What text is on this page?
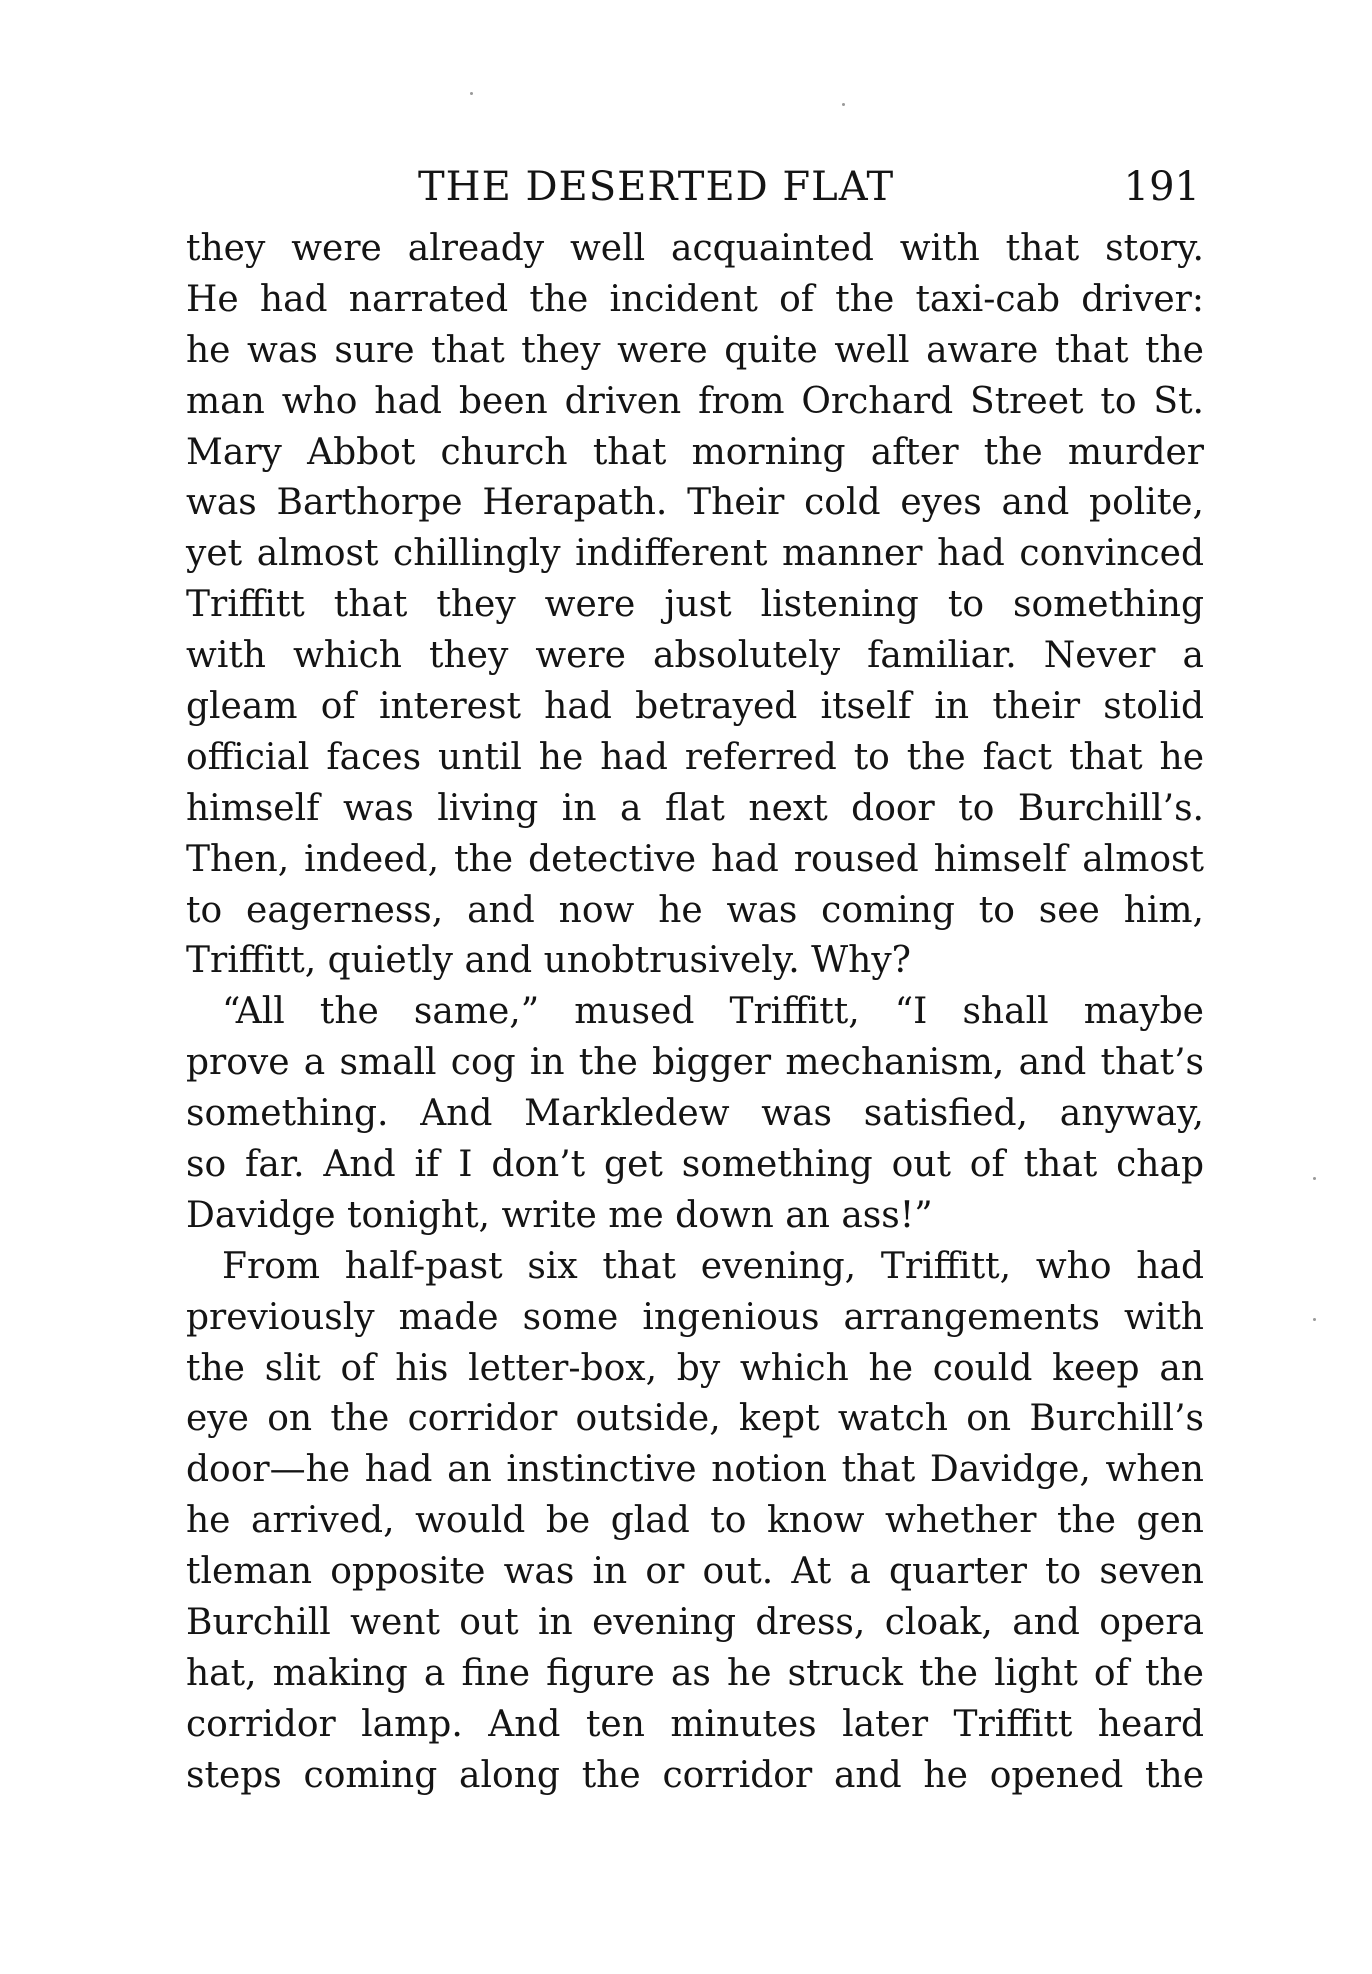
THE DESERTED FLAT	191
they were already well acquainted with that story.
He had narrated the incident of the taxi-cab driver:
he was sure that they were quite well aware that the
man who had been driven from Orchard Street to St.
Mary Abbot church that morning after the murder
was Barthorpe Herapath. Their cold eyes and polite,
yet almost chillingly indifferent manner had convinced
Triffitt that they were just listening to something
with which they were absolutely familiar. Never a
gleam of interest had betrayed itself in their stolid
official faces until he had referred to the fact that he
himself was living in a flat next door to Burchill’s.
Then, indeed, the detective had roused himself almost
to eagerness, and now he was coming to see him,
Triffitt, quietly and unobtrusively. Why?
“All the same,” mused Triffitt, “I shall maybe
prove a small cog in the bigger mechanism, and that’s
something. And Markledew was satisfied, anyway,
so far. And if I don’t get something out of that chap
Davidge tonight, write me down an ass!”
From half-past six that evening, Triffitt, who had
previously made some ingenious arrangements with
the slit of his letter-box, by which he could keep an
eye on the corridor outside, kept watch on Burchill’s
door—he had an instinctive notion that Davidge, when
he arrived, would be glad to know whether the gen
tleman opposite was in or out. At a quarter to seven
Burchill went out in evening dress, cloak, and opera
hat, making a fine figure as he struck the light of the
corridor lamp. And ten minutes later Triffitt heard
steps coming along the corridor and he opened the
